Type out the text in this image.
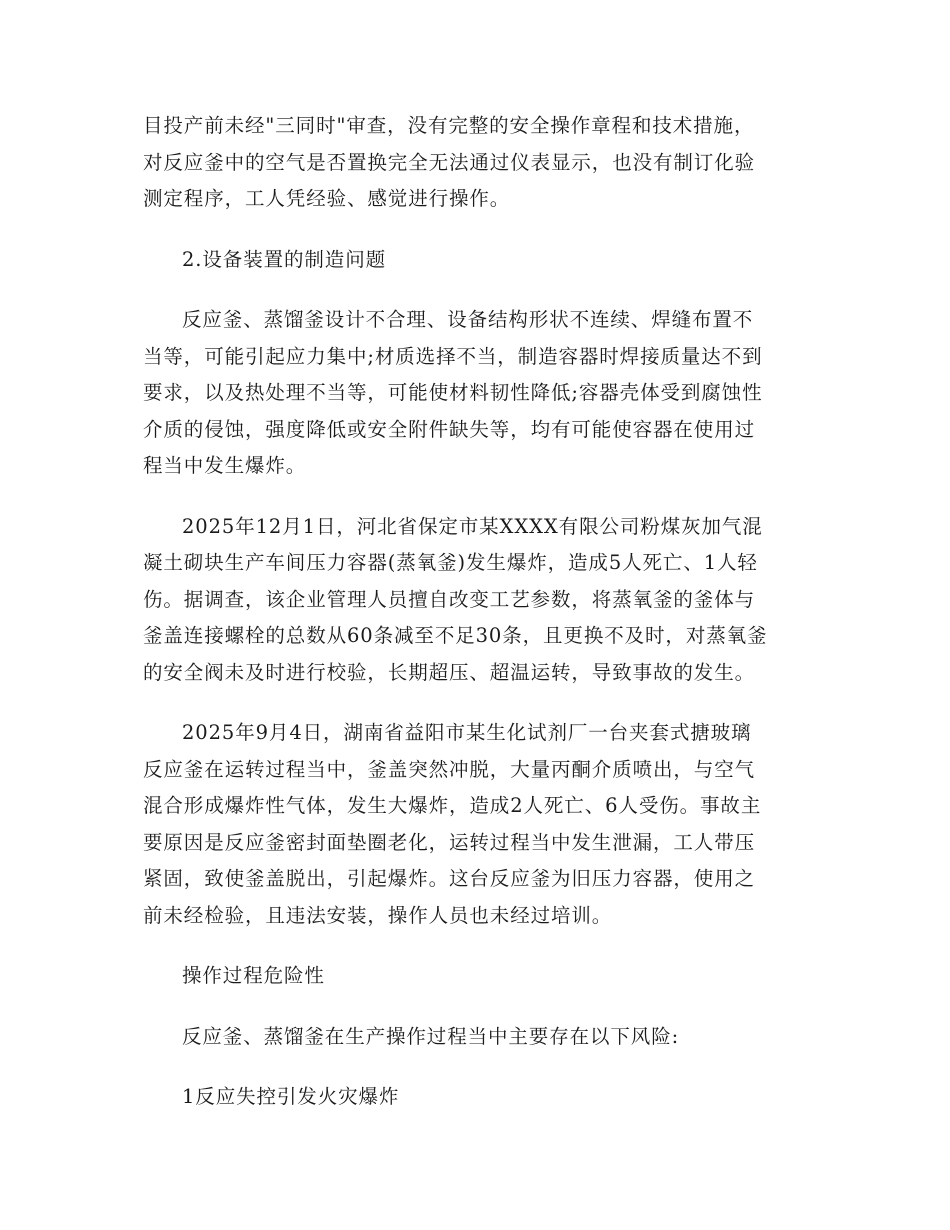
目投产前未经"三同时"审查，没有完整的安全操作章程和技术措施，
对反应釜中的空气是否置换完全无法通过仪表显示，也没有制订化验
测定程序，工人凭经验、感觉进行操作。

2.设备装置的制造问题

反应釜、蒸馏釜设计不合理、设备结构形状不连续、焊缝布置不
当等，可能引起应力集中;材质选择不当，制造容器时焊接质量达不到
要求，以及热处理不当等，可能使材料韧性降低;容器壳体受到腐蚀性
介质的侵蚀，强度降低或安全附件缺失等，均有可能使容器在使用过
程当中发生爆炸。

2025年12月1日，河北省保定市某XXXX有限公司粉煤灰加气混
凝土砌块生产车间压力容器(蒸氧釜)发生爆炸，造成5人死亡、1人轻
伤。据调查，该企业管理人员擅自改变工艺参数，将蒸氧釜的釜体与
釜盖连接螺栓的总数从60条减至不足30条，且更换不及时，对蒸氧釜
的安全阀未及时进行校验，长期超压、超温运转，导致事故的发生。

2025年9月4日，湖南省益阳市某生化试剂厂一台夹套式搪玻璃
反应釜在运转过程当中，釜盖突然冲脱，大量丙酮介质喷出，与空气
混合形成爆炸性气体，发生大爆炸，造成2人死亡、6人受伤。事故主
要原因是反应釜密封面垫圈老化，运转过程当中发生泄漏，工人带压
紧固，致使釜盖脱出，引起爆炸。这台反应釜为旧压力容器，使用之
前未经检验，且违法安装，操作人员也未经过培训。

操作过程危险性

反应釜、蒸馏釜在生产操作过程当中主要存在以下风险:

1反应失控引发火灾爆炸
